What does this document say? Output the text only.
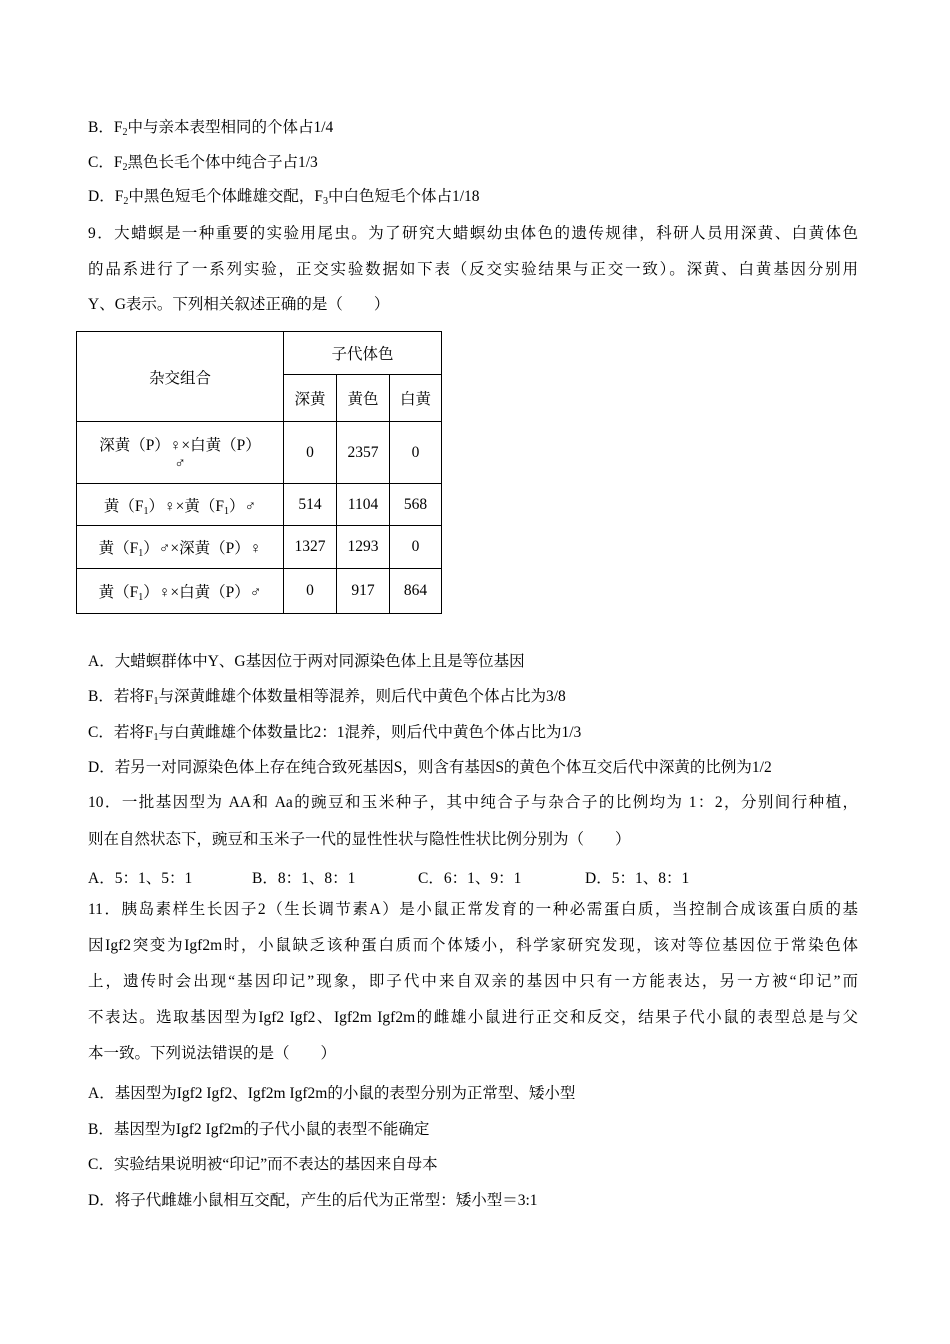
B．$F_2$中与亲本表型相同的个体占1/4
C．$F_2$黑色长毛个体中纯合子占1/3
D．$F_2$中黑色短毛个体雌雄交配，$F_3$中白色短毛个体占1/18
9．大蜡螟是一种重要的实验用尾虫。为了研究大蜡螟幼虫体色的遗传规律，科研人员用深黄、白黄体色
的品系进行了一系列实验，正交实验数据如下表（反交实验结果与正交一致）。深黄、白黄基因分别用
Y、G表示。下列相关叙述正确的是（　　）
杂交组合	子代体色		
	深黄	黄色	白黄
深黄（P）♀×白黄（P）
♂	0	2357	0
黄$(F_1)♀\times$黄$(F_1)♂$	514	1104	568
黄$(F_1)♂\times$深黄（P）♀	1327	1293	0
黄$(F_1)♀\times$白黄（P）♂	0	917	864
A．大蜡螟群体中Y、G基因位于两对同源染色体上且是等位基因
B．若将$F_1$与深黄雌雄个体数量相等混养，则后代中黄色个体占比为3/8
C．若将$F_1$与白黄雌雄个体数量比2：1混养，则后代中黄色个体占比为1/3
D．若另一对同源染色体上存在纯合致死基因S，则含有基因S的黄色个体互交后代中深黄的比例为1/2
10．一批基因型为 AA和 Aa的豌豆和玉米种子，其中纯合子与杂合子的比例均为 1：2，分别间行种植，
则在自然状态下，豌豆和玉米子一代的显性性状与隐性性状比例分别为（　　）
A．5：1、5：1	B．8：1、8：1	C．6：1、9：1	D．5：1、8：1
11．胰岛素样生长因子2（生长调节素A）是小鼠正常发育的一种必需蛋白质，当控制合成该蛋白质的基
因Igf2突变为Igf2m时，小鼠缺乏该种蛋白质而个体矮小，科学家研究发现，该对等位基因位于常染色体
上，遗传时会出现“基因印记”现象，即子代中来自双亲的基因中只有一方能表达，另一方被“印记”而
不表达。选取基因型为Igf2 Igf2、Igf2m Igf2m的雌雄小鼠进行正交和反交，结果子代小鼠的表型总是与父
本一致。下列说法错误的是（　　）
A．基因型为Igf2 Igf2、Igf2m Igf2m的小鼠的表型分别为正常型、矮小型
B．基因型为Igf2 Igf2m的子代小鼠的表型不能确定
C．实验结果说明被“印记”而不表达的基因来自母本
D．将子代雌雄小鼠相互交配，产生的后代为正常型：矮小型＝3:1
